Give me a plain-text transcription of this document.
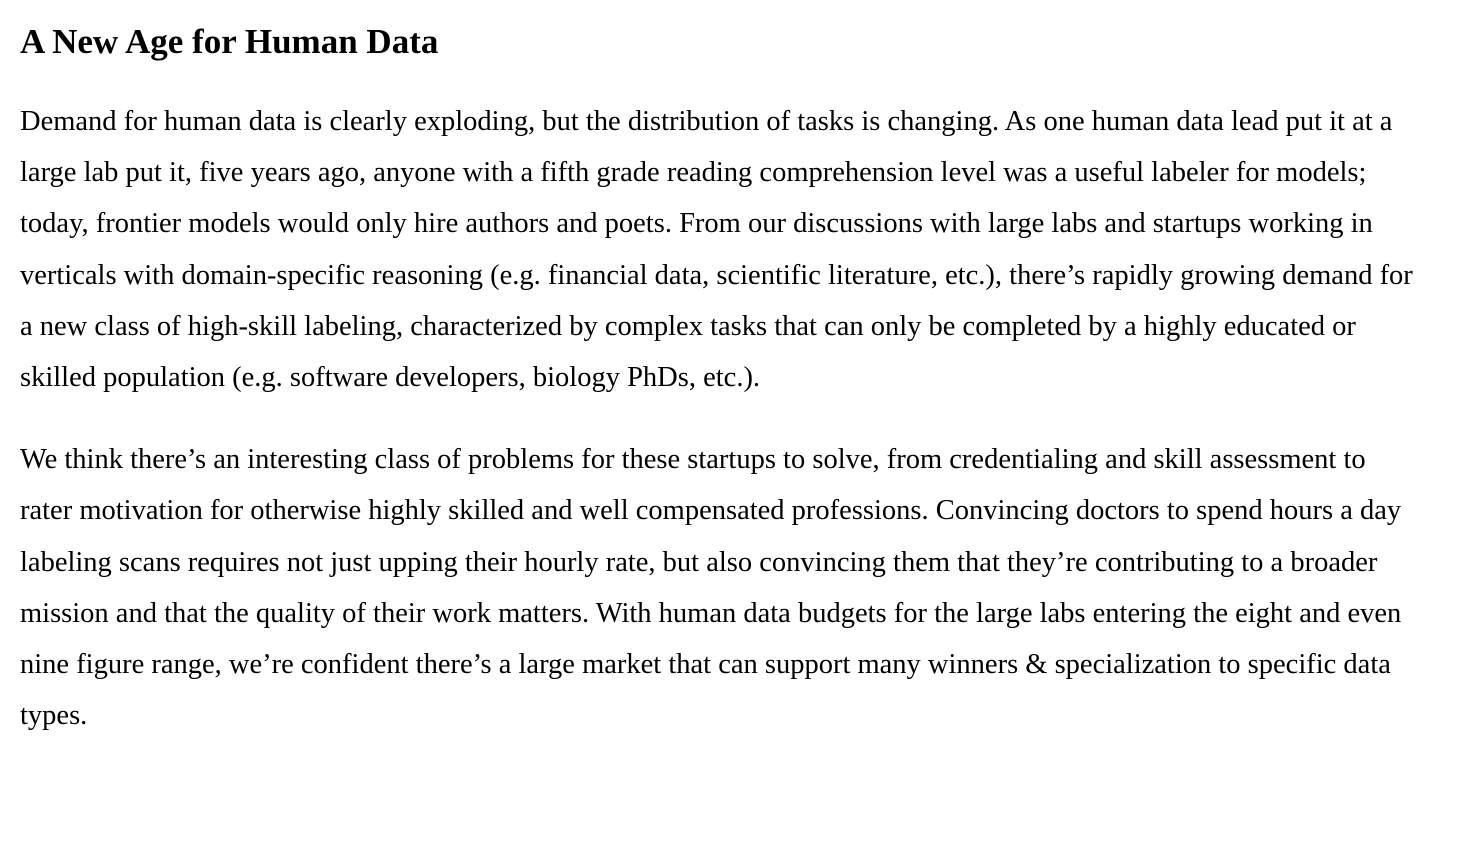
A New Age for Human Data

Demand for human data is clearly exploding, but the distribution of tasks is changing. As one human data lead put it at a large lab put it, five years ago, anyone with a fifth grade reading comprehension level was a useful labeler for models; today, frontier models would only hire authors and poets. From our discussions with large labs and startups working in verticals with domain-specific reasoning (e.g. financial data, scientific literature, etc.), there’s rapidly growing demand for a new class of high-skill labeling, characterized by complex tasks that can only be completed by a highly educated or skilled population (e.g. software developers, biology PhDs, etc.).

We think there’s an interesting class of problems for these startups to solve, from credentialing and skill assessment to rater motivation for otherwise highly skilled and well compensated professions. Convincing doctors to spend hours a day labeling scans requires not just upping their hourly rate, but also convincing them that they’re contributing to a broader mission and that the quality of their work matters. With human data budgets for the large labs entering the eight and even nine figure range, we’re confident there’s a large market that can support many winners & specialization to specific data types.
